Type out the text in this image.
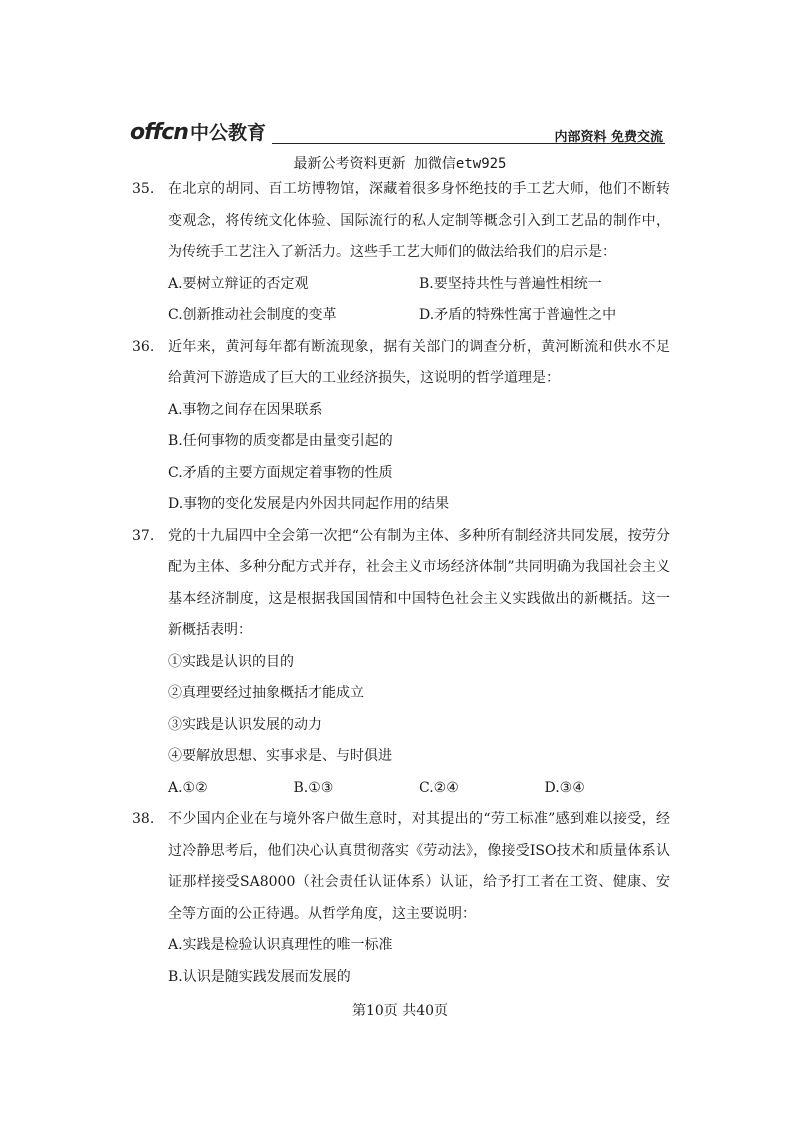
offcn 中公教育	内部资料 免费交流
最新公考资料更新 加微信etw925
35. 在北京的胡同、百工坊博物馆，深藏着很多身怀绝技的手工艺大师，他们不断转变观念，将传统文化体验、国际流行的私人定制等概念引入到工艺品的制作中，为传统手工艺注入了新活力。这些手工艺大师们的做法给我们的启示是：

A.要树立辩证的否定观	B.要坚持共性与普遍性相统一
C.创新推动社会制度的变革	D.矛盾的特殊性寓于普遍性之中
36. 近年来，黄河每年都有断流现象，据有关部门的调查分析，黄河断流和供水不足给黄河下游造成了巨大的工业经济损失，这说明的哲学道理是：

A.事物之间存在因果联系

B.任何事物的质变都是由量变引起的

C.矛盾的主要方面规定着事物的性质

D.事物的变化发展是内外因共同起作用的结果

37. 党的十九届四中全会第一次把“公有制为主体、多种所有制经济共同发展，按劳分配为主体、多种分配方式并存，社会主义市场经济体制”共同明确为我国社会主义基本经济制度，这是根据我国国情和中国特色社会主义实践做出的新概括。这一新概括表明：

①实践是认识的目的

②真理要经过抽象概括才能成立

③实践是认识发展的动力

④要解放思想、实事求是、与时俱进

A.①②	B.①③	C.②④	D.③④
38. 不少国内企业在与境外客户做生意时，对其提出的“劳工标准”感到难以接受，经过冷静思考后，他们决心认真贯彻落实《劳动法》，像接受ISO技术和质量体系认证那样接受SA8000（社会责任认证体系）认证，给予打工者在工资、健康、安全等方面的公正待遇。从哲学角度，这主要说明：

A.实践是检验认识真理性的唯一标准

B.认识是随实践发展而发展的

第10页 共40页
